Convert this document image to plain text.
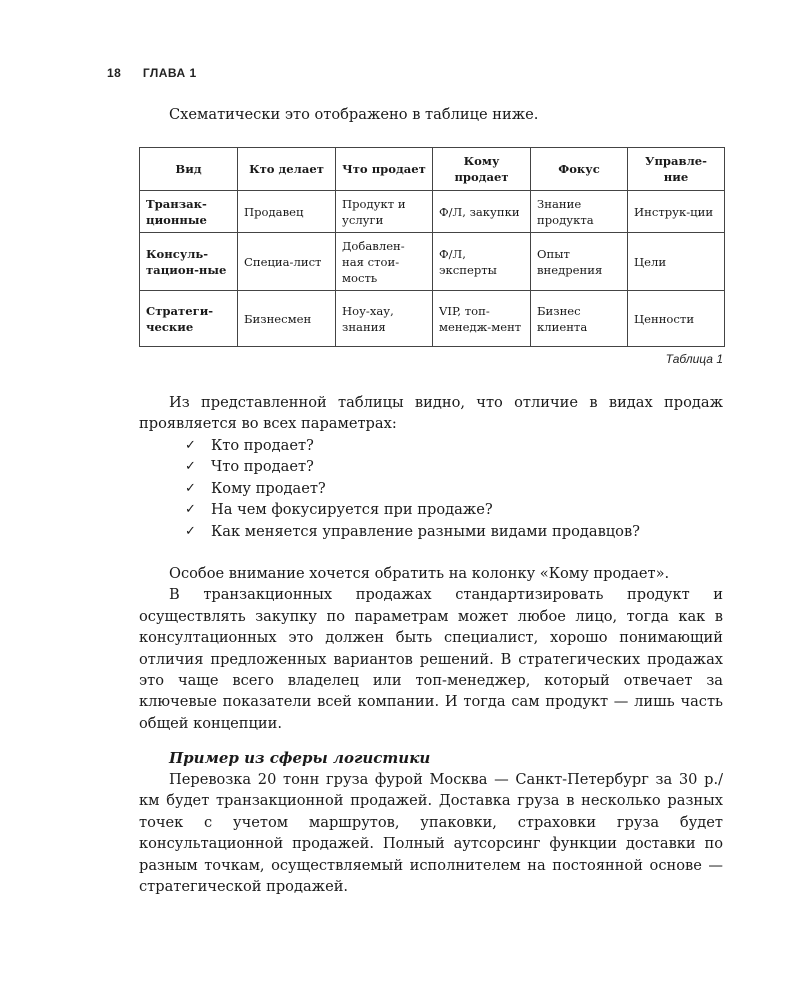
18 ГЛАВА 1
Схематически это отображено в таблице ниже.
Вид	Кто делает	Что продает	Кому продает	Фокус	Управле-ние
Транзак-ционные	Продавец	Продукт и услуги	Ф/Л, закупки	Знание продукта	Инструк-ции
Консуль-тацион-ные	Специа-лист	Добавлен-ная стои-мость	Ф/Л, эксперты	Опыт внедрения	Цели
Стратеги-ческие	Бизнесмен	Ноу-хау, знания	VIP, топ-менедж-мент	Бизнес клиента	Ценности
Таблица 1
Из представленной таблицы видно, что отличие в видах продаж проявляется во всех параметрах:
✓	Кто продает?
✓	Что продает?
✓	Кому продает?
✓	На чем фокусируется при продаже?
✓	Как меняется управление разными видами продавцов?
Особое внимание хочется обратить на колонку «Кому продает».
В транзакционных продажах стандартизировать продукт и осуществлять закупку по параметрам может любое лицо, тогда как в консултационных это должен быть специалист, хорошо понимающий отличия предложенных вариантов решений. В стратегических продажах это чаще всего владелец или топ-менеджер, который отвечает за ключевые показатели всей компании. И тогда сам продукт — лишь часть общей концепции.
Пример из сферы логистики
Перевозка 20 тонн груза фурой Москва — Санкт-Петербург за 30 р./км будет транзакционной продажей. Доставка груза в несколько разных точек с учетом маршрутов, упаковки, страховки груза будет консультационной продажей. Полный аутсорсинг функции доставки по разным точкам, осуществляемый исполнителем на постоянной основе — стратегической продажей.
